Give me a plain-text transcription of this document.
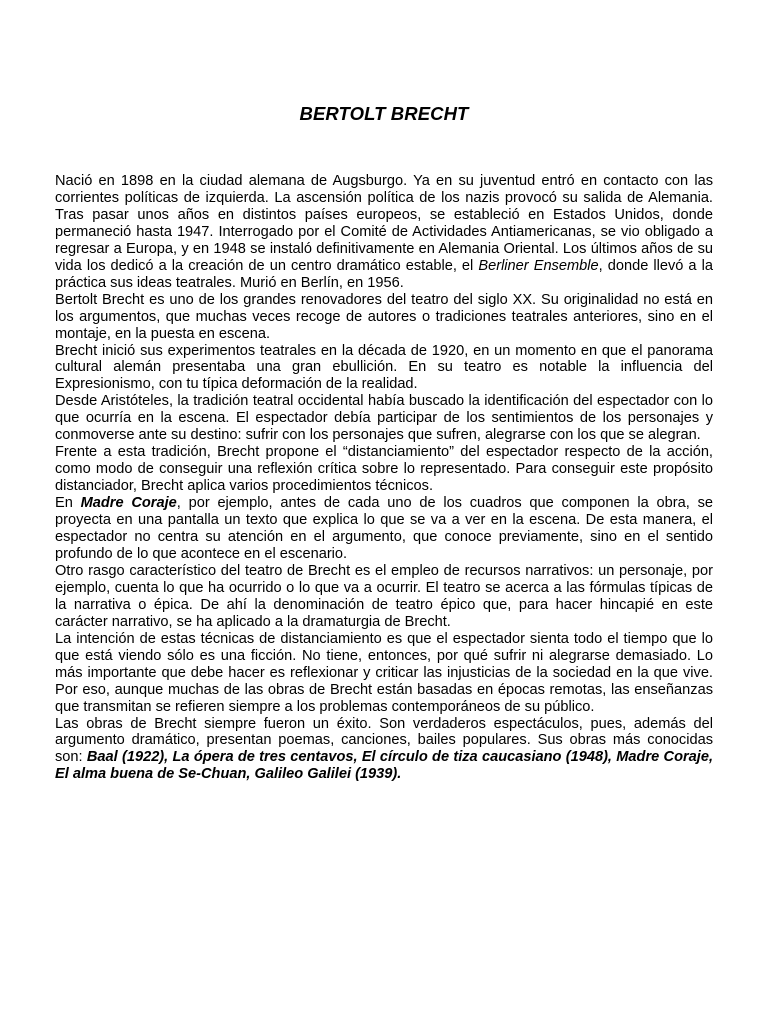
BERTOLT BRECHT

Nació en 1898 en la ciudad alemana de Augsburgo. Ya en su juventud entró en contacto con las corrientes políticas de izquierda. La ascensión política de los nazis provocó su salida de Alemania. Tras pasar unos años en distintos países europeos, se estableció en Estados Unidos, donde permaneció hasta 1947. Interrogado por el Comité de Actividades Antiamericanas, se vio obligado a regresar a Europa, y en 1948 se instaló definitivamente en Alemania Oriental. Los últimos años de su vida los dedicó a la creación de un centro dramático estable, el Berliner Ensemble, donde llevó a la práctica sus ideas teatrales. Murió en Berlín, en 1956.

Bertolt Brecht es uno de los grandes renovadores del teatro del siglo XX. Su originalidad no está en los argumentos, que muchas veces recoge de autores o tradiciones teatrales anteriores, sino en el montaje, en la puesta en escena.

Brecht inició sus experimentos teatrales en la década de 1920, en un momento en que el panorama cultural alemán presentaba una gran ebullición. En su teatro es notable la influencia del Expresionismo, con tu típica deformación de la realidad.

Desde Aristóteles, la tradición teatral occidental había buscado la identificación del espectador con lo que ocurría en la escena. El espectador debía participar de los sentimientos de los personajes y conmoverse ante su destino: sufrir con los personajes que sufren, alegrarse con los que se alegran.

Frente a esta tradición, Brecht propone el “distanciamiento” del espectador respecto de la acción, como modo de conseguir una reflexión crítica sobre lo representado. Para conseguir este propósito distanciador, Brecht aplica varios procedimientos técnicos.

En Madre Coraje, por ejemplo, antes de cada uno de los cuadros que componen la obra, se proyecta en una pantalla un texto que explica lo que se va a ver en la escena. De esta manera, el espectador no centra su atención en el argumento, que conoce previamente, sino en el sentido profundo de lo que acontece en el escenario.

Otro rasgo característico del teatro de Brecht es el empleo de recursos narrativos: un personaje, por ejemplo, cuenta lo que ha ocurrido o lo que va a ocurrir. El teatro se acerca a las fórmulas típicas de la narrativa o épica. De ahí la denominación de teatro épico que, para hacer hincapié en este carácter narrativo, se ha aplicado a la dramaturgia de Brecht.

La intención de estas técnicas de distanciamiento es que el espectador sienta todo el tiempo que lo que está viendo sólo es una ficción. No tiene, entonces, por qué sufrir ni alegrarse demasiado. Lo más importante que debe hacer es reflexionar y criticar las injusticias de la sociedad en la que vive. Por eso, aunque muchas de las obras de Brecht están basadas en épocas remotas, las enseñanzas que transmitan se refieren siempre a los problemas contemporáneos de su público.

Las obras de Brecht siempre fueron un éxito. Son verdaderos espectáculos, pues, además del argumento dramático, presentan poemas, canciones, bailes populares. Sus obras más conocidas son: Baal (1922), La ópera de tres centavos, El círculo de tiza caucasiano (1948), Madre Coraje, El alma buena de Se-Chuan, Galileo Galilei (1939).
